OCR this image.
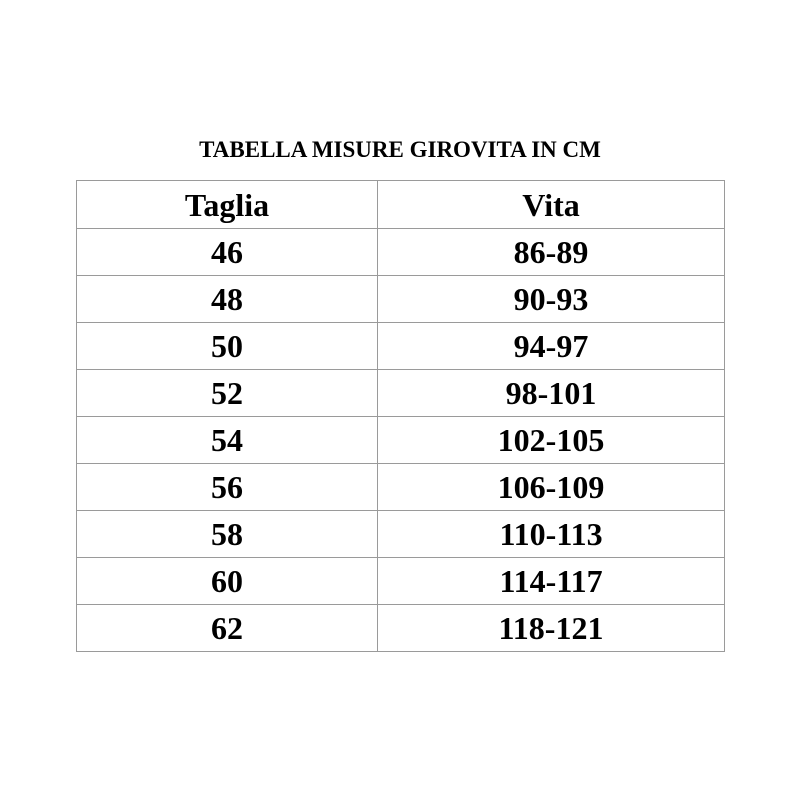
TABELLA MISURE GIROVITA IN CM
Taglia	Vita
46	86-89
48	90-93
50	94-97
52	98-101
54	102-105
56	106-109
58	110-113
60	114-117
62	118-121
